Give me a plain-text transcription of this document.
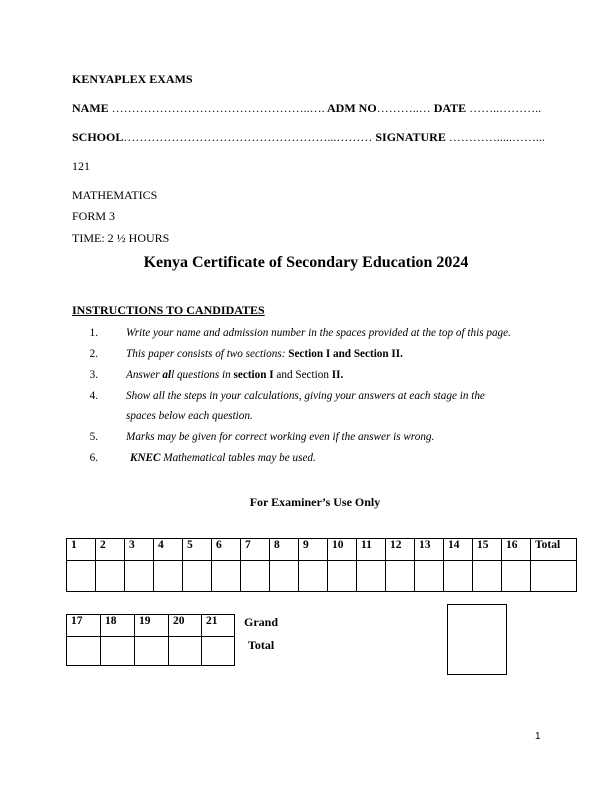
KENYAPLEX EXAMS
NAME …………………………………………..…. ADM NO………..… DATE ……..………..
SCHOOL……………………………………………...……… SIGNATURE ………….....……...
121
MATHEMATICS
FORM 3
TIME: 2 ½ HOURS
Kenya Certificate of Secondary Education 2024
INSTRUCTIONS TO CANDIDATES
1.	Write your name and admission number in the spaces provided at the top of this page.
2.	This paper consists of two sections: Section I and Section II.
3.	Answer all questions in section I and Section II.
4.	Show all the steps in your calculations, giving your answers at each stage in the
spaces below each question.
5.	Marks may be given for correct working even if the answer is wrong.
6.	KNEC Mathematical tables may be used.
For Examiner’s Use Only
1	2	3	4	5	6	7	8	9	10	11	12	13	14	15	16	Total

17	18	19	20	21
				Grand
Total
1
